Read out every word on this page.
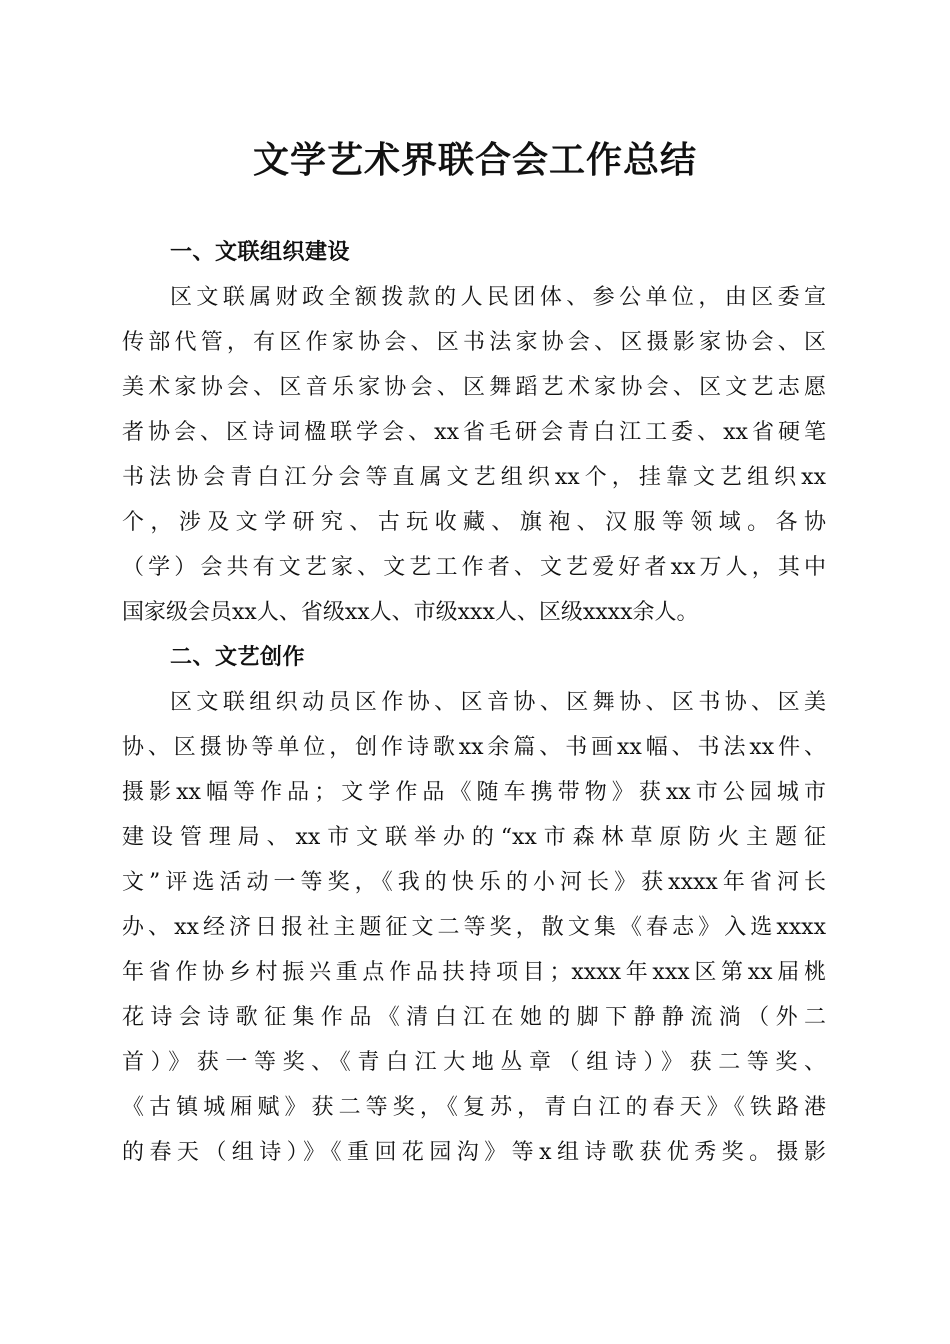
文学艺术界联合会工作总结
一、文联组织建设
区文联属财政全额拨款的人民团体、参公单位，由区委宣
传部代管，有区作家协会、区书法家协会、区摄影家协会、区
美术家协会、区音乐家协会、区舞蹈艺术家协会、区文艺志愿
者协会、区诗词楹联学会、xx省毛研会青白江工委、xx省硬笔
书法协会青白江分会等直属文艺组织xx个，挂靠文艺组织xx
个，涉及文学研究、古玩收藏、旗袍、汉服等领域。各协
（学）会共有文艺家、文艺工作者、文艺爱好者xx万人，其中
国家级会员xx人、省级xx人、市级xxx人、区级xxxx余人。
二、文艺创作
区文联组织动员区作协、区音协、区舞协、区书协、区美
协、区摄协等单位，创作诗歌xx余篇、书画xx幅、书法xx件、
摄影xx幅等作品；文学作品《随车携带物》获xx市公园城市
建设管理局、xx市文联举办的“xx市森林草原防火主题征
文”评选活动一等奖，《我的快乐的小河长》获xxxx年省河长
办、xx经济日报社主题征文二等奖，散文集《春志》入选xxxx
年省作协乡村振兴重点作品扶持项目；xxxx年xxx区第xx届桃
花诗会诗歌征集作品《清白江在她的脚下静静流淌（外二
首）》获一等奖、《青白江大地丛章（组诗）》获二等奖、
《古镇城厢赋》获二等奖，《复苏，青白江的春天》《铁路港
的春天（组诗）》《重回花园沟》等x组诗歌获优秀奖。摄影
